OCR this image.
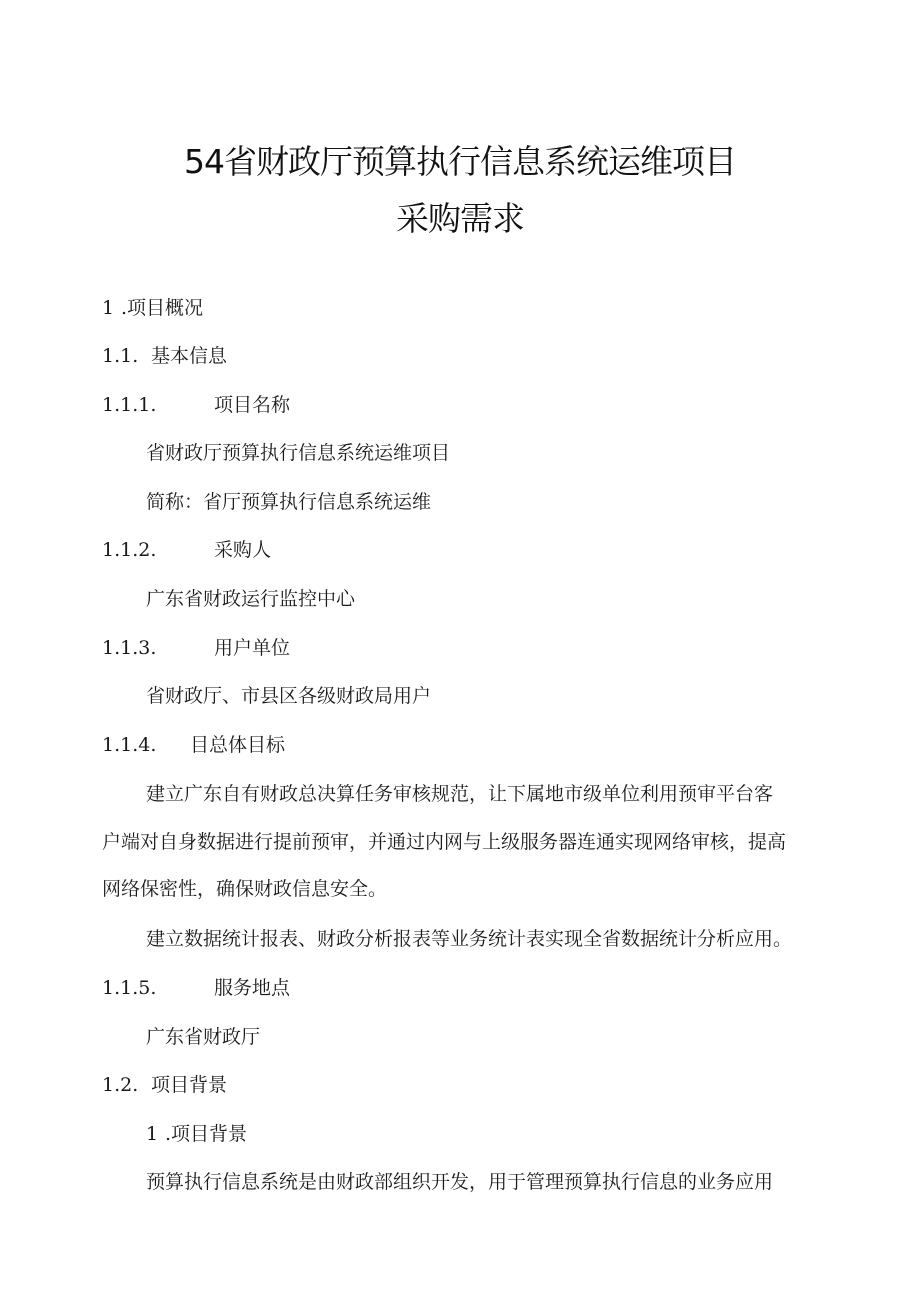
54省财政厅预算执行信息系统运维项目
采购需求
1 .项目概况
1.1. 基本信息
1.1.1.	项目名称
省财政厅预算执行信息系统运维项目
简称：省厅预算执行信息系统运维
1.1.2.	采购人
广东省财政运行监控中心
1.1.3.	用户单位
省财政厅、市县区各级财政局用户
1.1.4. 目总体目标
建立广东自有财政总决算任务审核规范，让下属地市级单位利用预审平台客
户端对自身数据进行提前预审，并通过内网与上级服务器连通实现网络审核，提高
网络保密性，确保财政信息安全。
建立数据统计报表、财政分析报表等业务统计表实现全省数据统计分析应用。
1.1.5.	服务地点
广东省财政厅
1.2. 项目背景
1 .项目背景
预算执行信息系统是由财政部组织开发，用于管理预算执行信息的业务应用
